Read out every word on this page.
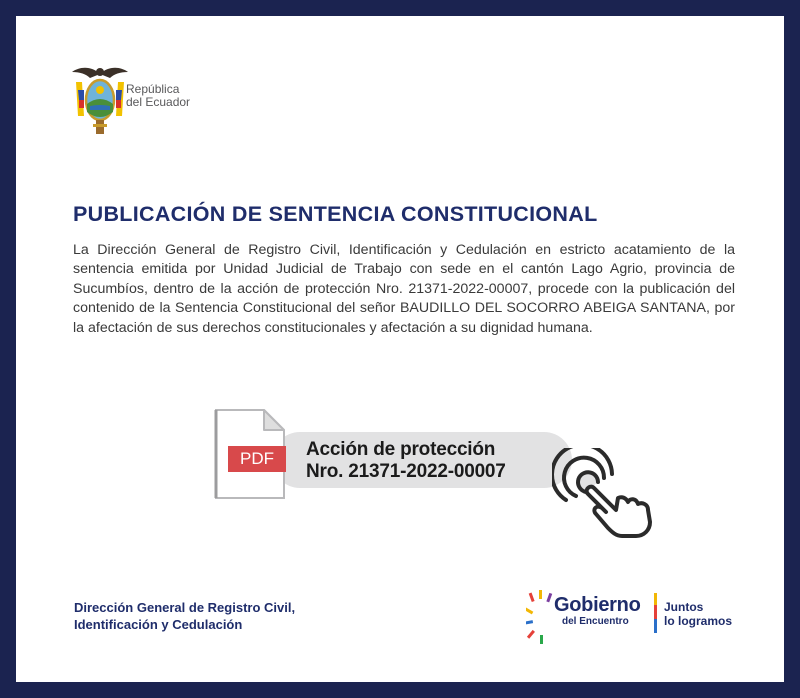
República
del Ecuador
PUBLICACIÓN DE SENTENCIA CONSTITUCIONAL

La Dirección General de Registro Civil, Identificación y Cedulación en estricto acatamiento de la sentencia emitida por Unidad Judicial de Trabajo con sede en el cantón Lago Agrio, provincia de Sucumbíos, dentro de la acción de protección Nro. 21371-2022-00007, procede con la publicación del contenido de la Sentencia Constitucional del señor BAUDILLO DEL SOCORRO ABEIGA SANTANA, por la afectación de sus derechos constitucionales y afectación a su dignidad humana.

PDF	Acción de protección
Nro. 21371-2022-00007
Dirección General de Registro Civil,
Identificación y Cedulación
Gobierno
del Encuentro
Juntos
lo logramos
